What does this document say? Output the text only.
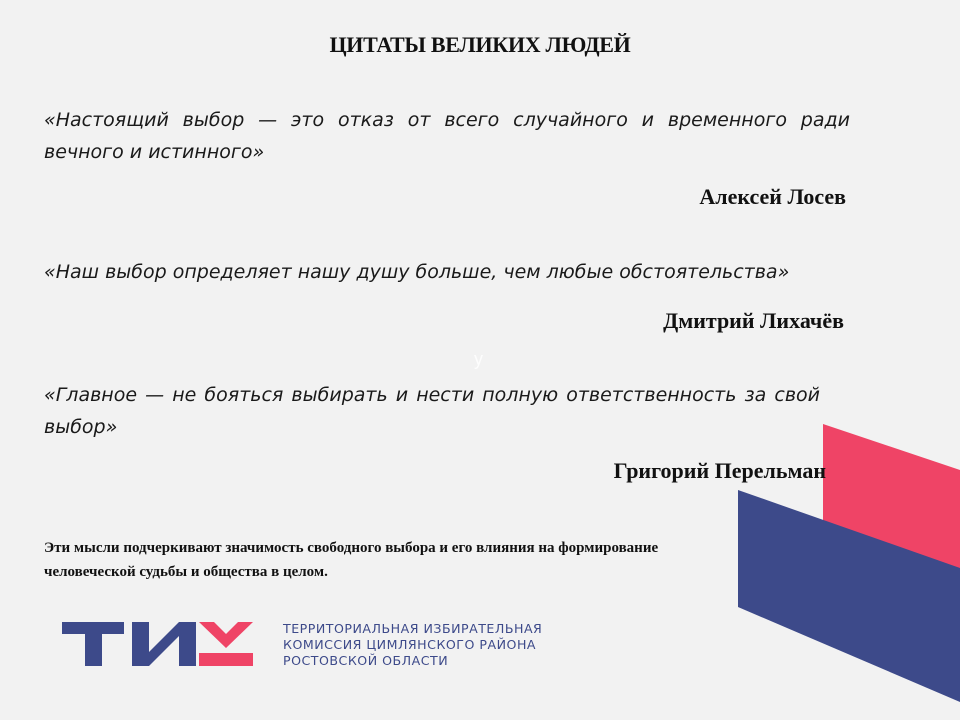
ЦИТАТЫ ВЕЛИКИХ ЛЮДЕЙ

«Настоящий выбор — это отказ от всего случайного и временного ради вечного и истинного»

Алексей Лосев

«Наш выбор определяет нашу душу больше, чем любые обстоятельства»

Дмитрий Лихачёв

у

«Главное — не бояться выбирать и нести полную ответственность за свой выбор»

Григорий Перельман

Эти мысли подчеркивают значимость свободного выбора и его влияния на формирование человеческой судьбы и общества в целом.

ТЕРРИТОРИАЛЬНАЯ ИЗБИРАТЕЛЬНАЯ
КОМИССИЯ ЦИМЛЯНСКОГО РАЙОНА
РОСТОВСКОЙ ОБЛАСТИ
